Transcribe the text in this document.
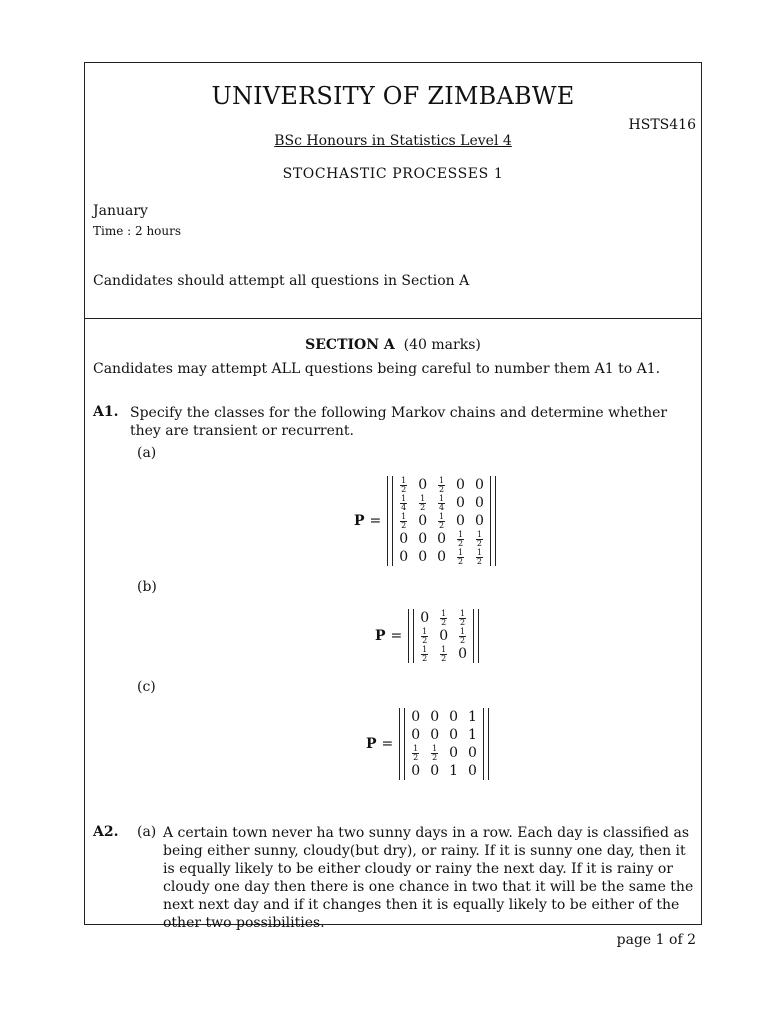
UNIVERSITY OF ZIMBABWE
HSTS416
BSc Honours in Statistics Level 4
STOCHASTIC PROCESSES 1
January
Time : 2 hours
Candidates should attempt all questions in Section A
SECTION A (40 marks)
Candidates may attempt ALL questions being careful to number them A1 to A1.
A1. Specify the classes for the following Markov chains and determine whether they are transient or recurrent.
(a)
P =
$\frac{1}{2} 0 \frac{1}{2} 0$ 0
$\frac{1}{4} \frac{1}{2} \frac{1}{4} 0$ 0
$\frac{1}{2} 0 \frac{1}{2} 0$ 0
0 0 $0 \frac{1}{2} \frac{1}{2}$
0 0 $0 \frac{1}{2} \frac{1}{2}$
(b)
P =
$0 \frac{1}{2} \frac{1}{2}$
$\frac{1}{2} 0 \frac{1}{2}$
$\frac{1}{2} \frac{1}{2} 0$
(c)
P =
0 0 0 1
0 0 0 1
$\frac{1}{2} \frac{1}{2} 0$ 0
0 0 1 0
A2. (a) A certain town never ha two sunny days in a row. Each day is classified as being either sunny, cloudy(but dry), or rainy. If it is sunny one day, then it is equally likely to be either cloudy or rainy the next day. If it is rainy or cloudy one day then there is one chance in two that it will be the same the next next day and if it changes then it is equally likely to be either of the other two possibilities.
page 1 of 2
